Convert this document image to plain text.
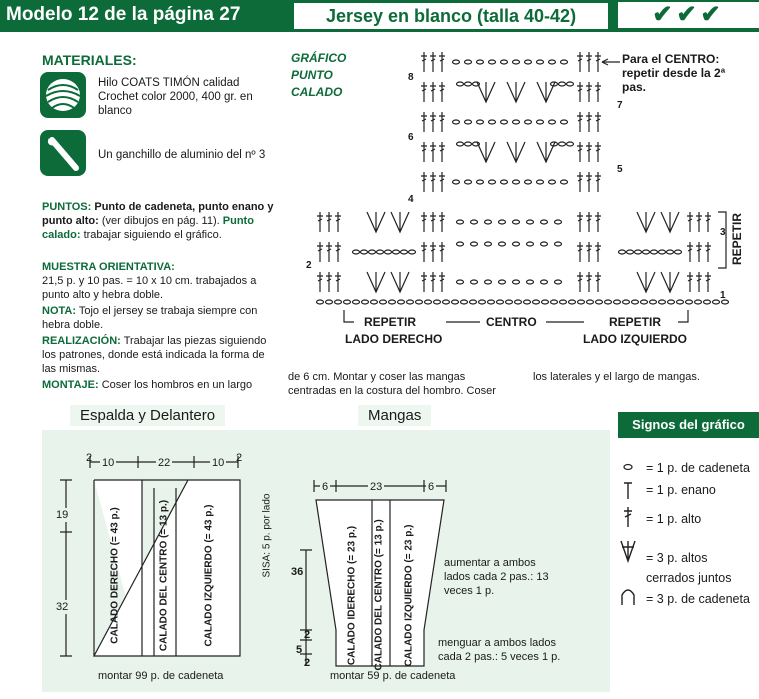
Modelo 12 de la página 27	Jersey en blanco (talla 40-42)	✔✔✔
MATERIALES:
Hilo COATS TIMÓN calidad Crochet color 2000, 400 gr. en blanco
Un ganchillo de aluminio del nº 3
PUNTOS: Punto de cadeneta, punto enano y punto alto: (ver dibujos en pág. 11). Punto calado: trabajar siguiendo el gráfico.
MUESTRA ORIENTATIVA:
21,5 p. y 10 pas. = 10 x 10 cm. trabajados a punto alto y hebra doble.
NOTA: Tojo el jersey se trabaja siempre con hebra doble.
REALIZACIÓN: Trabajar las piezas siguiendo los patrones, donde está indicada la forma de las mismas.
MONTAJE: Coser los hombros en un largo
de 6 cm. Montar y coser las mangas centradas en la costura del hombro. Coser
los laterales y el largo de mangas.
GRÁFICO
PUNTO
CALADO
Para el CENTRO: repetir desde la 2ª pas.
8
6
4
2
7
5
3
1
REPETIR
REPETIR
LADO DERECHO
CENTRO	REPETIR
LADO IZQUIERDO
Espalda y Delantero	Mangas
2	2
10	22	10
19
32
SISA: 5 p. por lado
CALADO DERECHO (= 43 p.)	CALADO DEL CENTRO (= 13 p.)	CALADO IZQUIERDO (= 43 p.)
montar 99 p. de cadeneta
6	23	6
36
2
5
2	CALADO IDERECHO (= 23 p.) CALADO DEL CENTRO (= 13 p.) CALADO IZQUIERDO (= 23 p.)	aumentar a ambos lados cada 2 pas.: 13 veces 1 p.
menguar a ambos lados cada 2 pas.: 5 veces 1 p.
montar 59 p. de cadeneta
Signos del gráfico
= 1 p. de cadeneta
= 1 p. enano
= 1 p. alto
= 3 p. altos cerrados juntos
= 3 p. de cadeneta
